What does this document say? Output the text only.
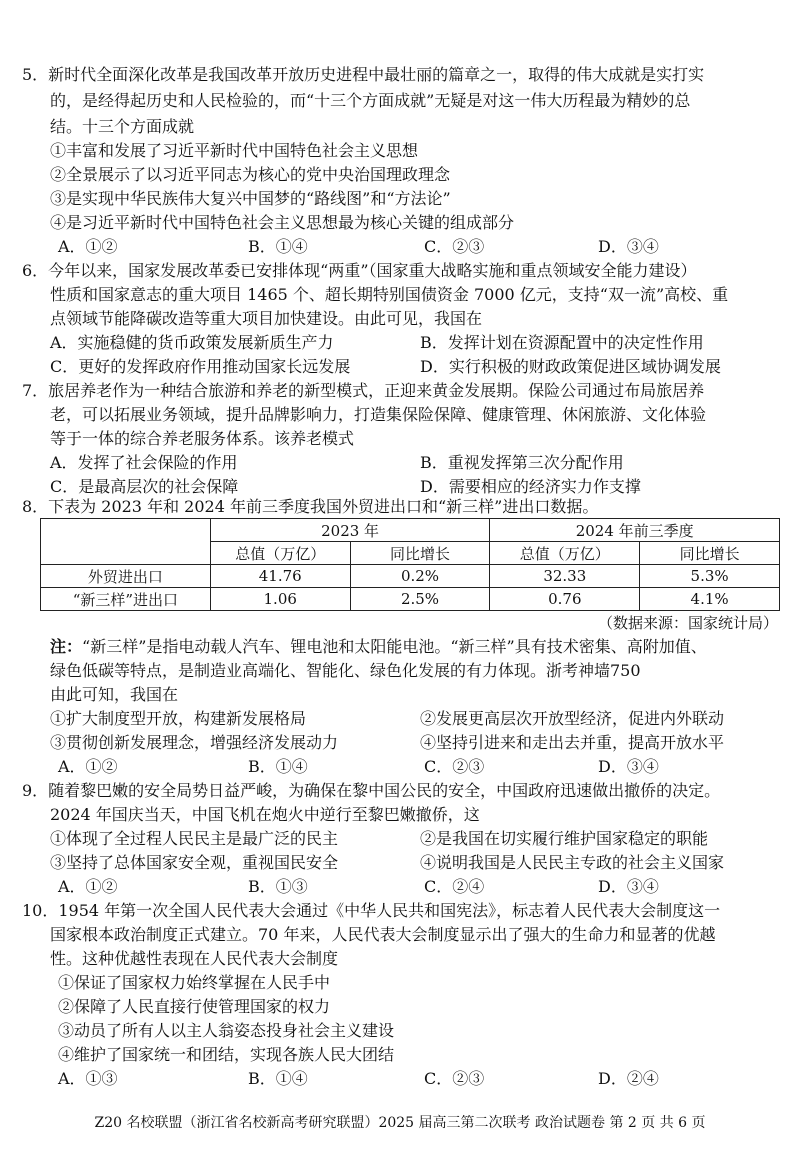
5．新时代全面深化改革是我国改革开放历史进程中最壮丽的篇章之一，取得的伟大成就是实打实
的，是经得起历史和人民检验的，而“十三个方面成就”无疑是对这一伟大历程最为精妙的总
结。十三个方面成就
①丰富和发展了习近平新时代中国特色社会主义思想
②全景展示了以习近平同志为核心的党中央治国理政理念
③是实现中华民族伟大复兴中国梦的“路线图”和“方法论”
④是习近平新时代中国特色社会主义思想最为核心关键的组成部分
A．①②	B．①④	C．②③	D．③④
6．今年以来，国家发展改革委已安排体现“两重”（国家重大战略实施和重点领域安全能力建设）
性质和国家意志的重大项目 1465 个、超长期特别国债资金 7000 亿元，支持“双一流”高校、重
点领域节能降碳改造等重大项目加快建设。由此可见，我国在
A．实施稳健的货币政策发展新质生产力	B．发挥计划在资源配置中的决定性作用
C．更好的发挥政府作用推动国家长远发展	D．实行积极的财政政策促进区域协调发展
7．旅居养老作为一种结合旅游和养老的新型模式，正迎来黄金发展期。保险公司通过布局旅居养
老，可以拓展业务领域，提升品牌影响力，打造集保险保障、健康管理、休闲旅游、文化体验
等于一体的综合养老服务体系。该养老模式
A．发挥了社会保险的作用	B．重视发挥第三次分配作用
C．是最高层次的社会保障	D．需要相应的经济实力作支撑
8．下表为 2023 年和 2024 年前三季度我国外贸进出口和“新三样”进出口数据。
	2023 年		2024 年前三季度	
	总值（万亿）	同比增长	总值（万亿）	同比增长
外贸进出口	41.76	0.2%	32.33	5.3%
“新三样”进出口	1.06	2.5%	0.76	4.1%
（数据来源：国家统计局）
注：“新三样”是指电动载人汽车、锂电池和太阳能电池。“新三样”具有技术密集、高附加值、
绿色低碳等特点，是制造业高端化、智能化、绿色化发展的有力体现。浙考神墙750
由此可知，我国在
①扩大制度型开放，构建新发展格局	②发展更高层次开放型经济，促进内外联动
③贯彻创新发展理念，增强经济发展动力	④坚持引进来和走出去并重，提高开放水平
A．①②	B．①④	C．②③	D．③④
9．随着黎巴嫩的安全局势日益严峻，为确保在黎中国公民的安全，中国政府迅速做出撤侨的决定。
2024 年国庆当天，中国飞机在炮火中逆行至黎巴嫩撤侨，这
①体现了全过程人民民主是最广泛的民主	②是我国在切实履行维护国家稳定的职能
③坚持了总体国家安全观，重视国民安全	④说明我国是人民民主专政的社会主义国家
A．①②	B．①③	C．②④	D．③④
10．1954 年第一次全国人民代表大会通过《中华人民共和国宪法》，标志着人民代表大会制度这一
国家根本政治制度正式建立。70 年来，人民代表大会制度显示出了强大的生命力和显著的优越
性。这种优越性表现在人民代表大会制度
①保证了国家权力始终掌握在人民手中
②保障了人民直接行使管理国家的权力
③动员了所有人以主人翁姿态投身社会主义建设
④维护了国家统一和团结，实现各族人民大团结
A．①③	B．①④	C．②③	D．②④
Z20 名校联盟（浙江省名校新高考研究联盟）2025 届高三第二次联考 政治试题卷 第 2 页 共 6 页
